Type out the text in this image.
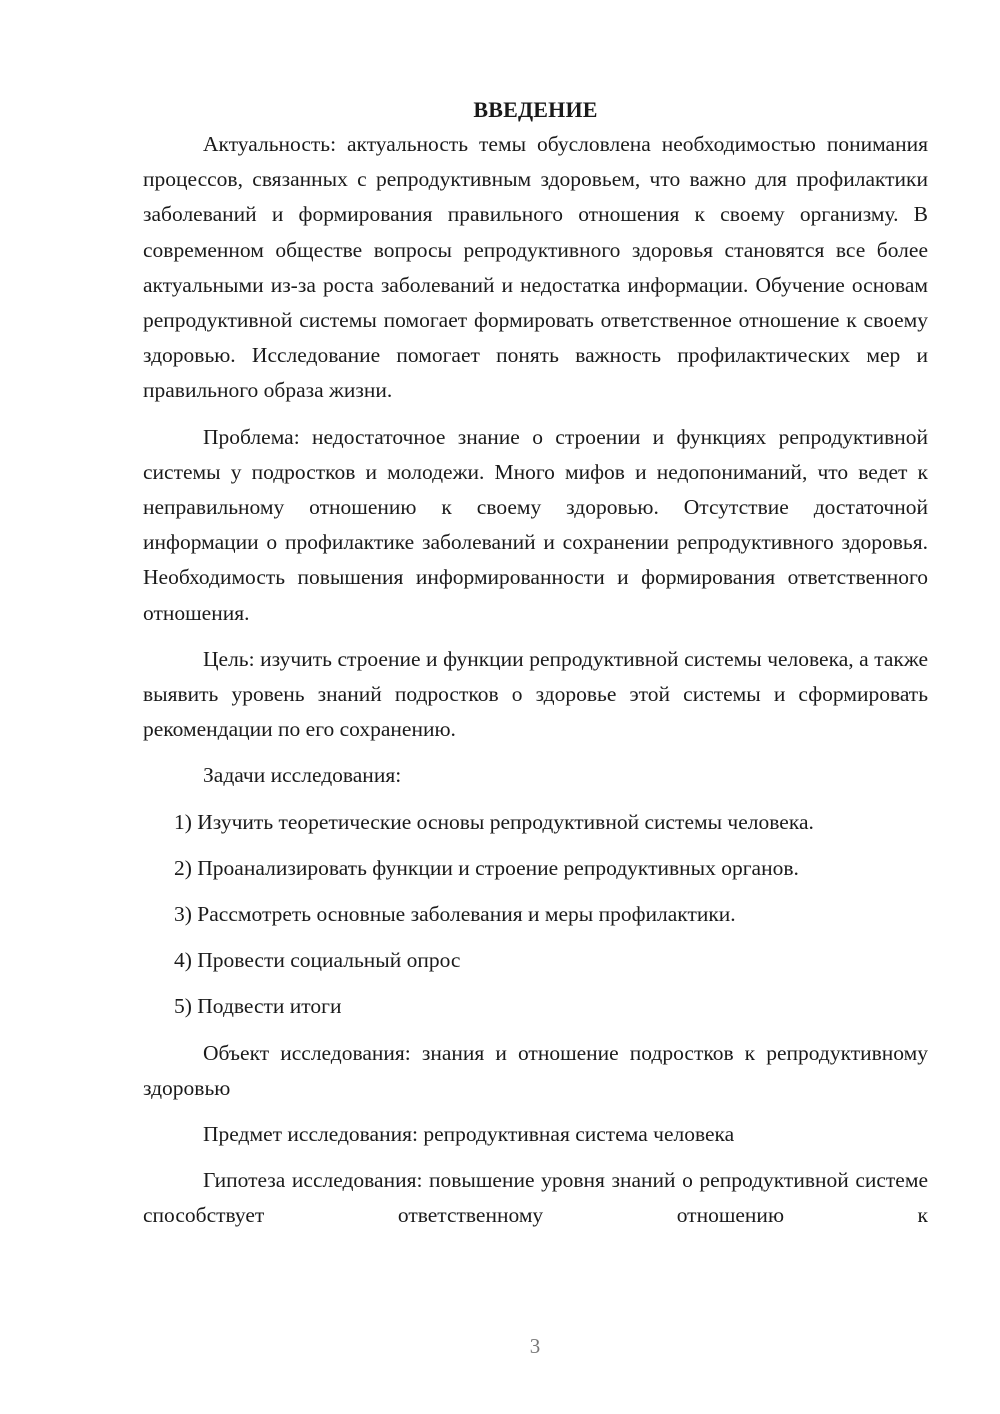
ВВЕДЕНИЕ

Актуальность: актуальность темы обусловлена необходимостью понимания процессов, связанных с репродуктивным здоровьем, что важно для профилактики заболеваний и формирования правильного отношения к своему организму. В современном обществе вопросы репродуктивного здоровья становятся все более актуальными из-за роста заболеваний и недостатка информации. Обучение основам репродуктивной системы помогает формировать ответственное отношение к своему здоровью. Исследование помогает понять важность профилактических мер и правильного образа жизни.

Проблема: недостаточное знание о строении и функциях репродуктивной системы у подростков и молодежи. Много мифов и недопониманий, что ведет к неправильному отношению к своему здоровью. Отсутствие достаточной информации о профилактике заболеваний и сохранении репродуктивного здоровья. Необходимость повышения информированности и формирования ответственного отношения.

Цель: изучить строение и функции репродуктивной системы человека, а также выявить уровень знаний подростков о здоровье этой системы и сформировать рекомендации по его сохранению.

Задачи исследования:

1) Изучить теоретические основы репродуктивной системы человека.

2) Проанализировать функции и строение репродуктивных органов.

3) Рассмотреть основные заболевания и меры профилактики.

4) Провести социальный опрос

5) Подвести итоги

Объект исследования: знания и отношение подростков к репродуктивному здоровью

Предмет исследования: репродуктивная система человека

Гипотеза исследования: повышение уровня знаний о репродуктивной системе способствует ответственному отношению к

3
